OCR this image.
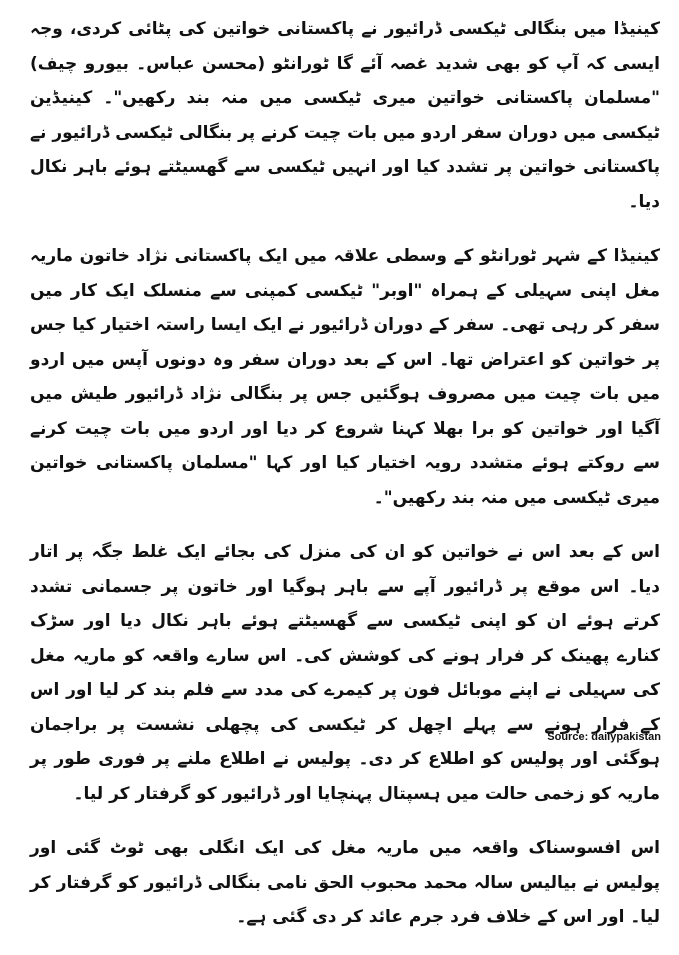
کینیڈا میں بنگالی ٹیکسی ڈرائیور نے پاکستانی خواتین کی پٹائی کردی، وجہ ایسی کہ آپ کو بھی شدید غصہ آئے گا ٹورانٹو (محسن عباس۔ بیورو چیف) "مسلمان پاکستانی خواتین میری ٹیکسی میں منہ بند رکھیں"۔ کینیڈین ٹیکسی میں دوران سفر اردو میں بات چیت کرنے پر بنگالی ٹیکسی ڈرائیور نے پاکستانی خواتین پر تشدد کیا اور انہیں ٹیکسی سے گھسیٹتے ہوئے باہر نکال دیا۔

کینیڈا کے شہر ٹورانٹو کے وسطی علاقہ میں ایک پاکستانی نژاد خاتون ماریہ مغل اپنی سہیلی کے ہمراہ "اوبر" ٹیکسی کمپنی سے منسلک ایک کار میں سفر کر رہی تھی۔ سفر کے دوران ڈرائیور نے ایک ایسا راستہ اختیار کیا جس پر خواتین کو اعتراض تھا۔ اس کے بعد دوران سفر وہ دونوں آپس میں اردو میں بات چیت میں مصروف ہوگئیں جس پر بنگالی نژاد ڈرائیور طیش میں آگیا اور خواتین کو برا بھلا کہنا شروع کر دیا اور اردو میں بات چیت کرنے سے روکتے ہوئے متشدد رویہ اختیار کیا اور کہا "مسلمان پاکستانی خواتین میری ٹیکسی میں منہ بند رکھیں"۔

اس کے بعد اس نے خواتین کو ان کی منزل کی بجائے ایک غلط جگہ پر اتار دیا۔ اس موقع پر ڈرائیور آپے سے باہر ہوگیا اور خاتون پر جسمانی تشدد کرتے ہوئے ان کو اپنی ٹیکسی سے گھسیٹتے ہوئے باہر نکال دیا اور سڑک کنارے پھینک کر فرار ہونے کی کوشش کی۔ اس سارے واقعہ کو ماریہ مغل کی سہیلی نے اپنے موبائل فون پر کیمرے کی مدد سے فلم بند کر لیا اور اس کے فرار ہونے سے پہلے اچھل کر ٹیکسی کی پچھلی نشست پر براجمان ہوگئی اور پولیس کو اطلاع کر دی۔ پولیس نے اطلاع ملنے پر فوری طور پر ماریہ کو زخمی حالت میں ہسپتال پہنچایا اور ڈرائیور کو گرفتار کر لیا۔

اس افسوسناک واقعہ میں ماریہ مغل کی ایک انگلی بھی ٹوٹ گئی اور پولیس نے بیالیس سالہ محمد محبوب الحق نامی بنگالی ڈرائیور کو گرفتار کر لیا۔ اور اس کے خلاف فرد جرم عائد کر دی گئی ہے۔

Source: dailypakistan
